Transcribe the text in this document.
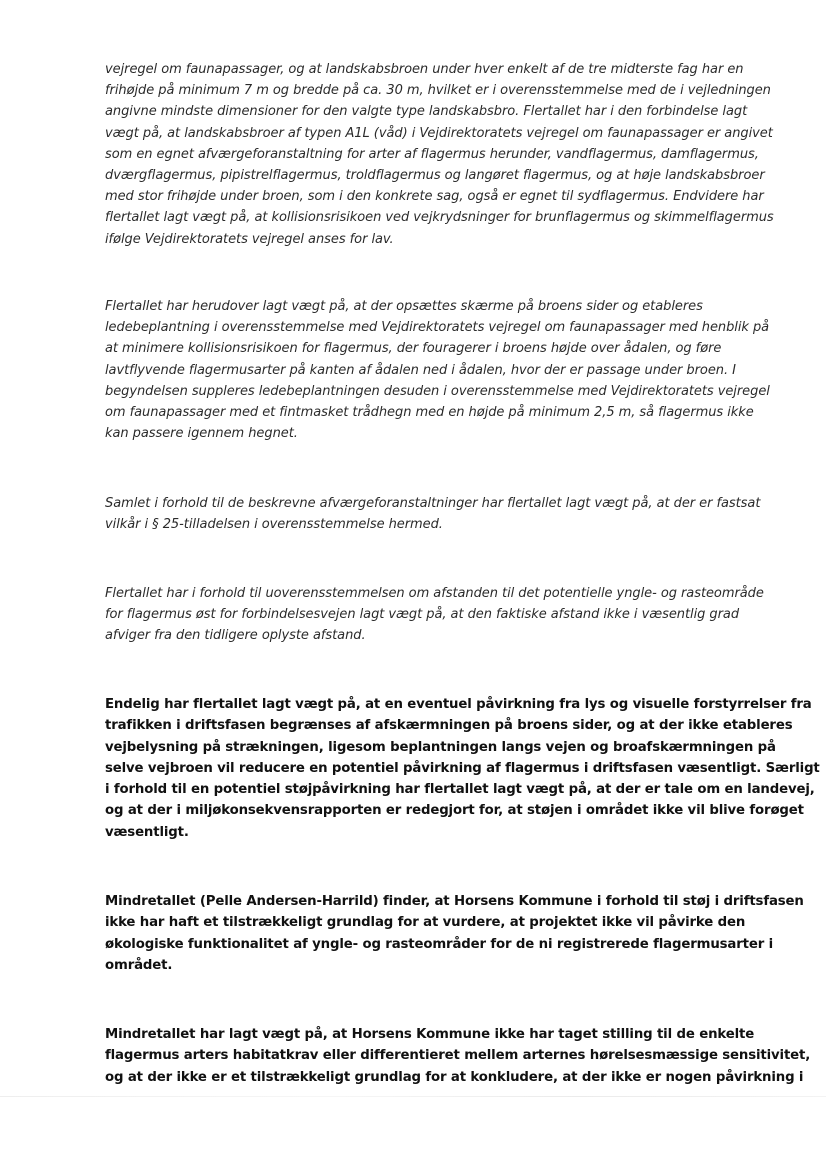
vejregel om faunapassager, og at landskabsbroen under hver enkelt af de tre midterste fag har en
frihøjde på minimum 7 m og bredde på ca. 30 m, hvilket er i overensstemmelse med de i vejledningen
angivne mindste dimensioner for den valgte type landskabsbro. Flertallet har i den forbindelse lagt
vægt på, at landskabsbroer af typen A1L (våd) i Vejdirektoratets vejregel om faunapassager er angivet
som en egnet afværgeforanstaltning for arter af flagermus herunder, vandflagermus, damflagermus,
dværgflagermus, pipistrelflagermus, troldflagermus og langøret flagermus, og at høje landskabsbroer
med stor frihøjde under broen, som i den konkrete sag, også er egnet til sydflagermus. Endvidere har
flertallet lagt vægt på, at kollisionsrisikoen ved vejkrydsninger for brunflagermus og skimmelflagermus
ifølge Vejdirektoratets vejregel anses for lav.

Flertallet har herudover lagt vægt på, at der opsættes skærme på broens sider og etableres
ledebeplantning i overensstemmelse med Vejdirektoratets vejregel om faunapassager med henblik på
at minimere kollisionsrisikoen for flagermus, der fouragerer i broens højde over ådalen, og føre
lavtflyvende flagermusarter på kanten af ådalen ned i ådalen, hvor der er passage under broen. I
begyndelsen suppleres ledebeplantningen desuden i overensstemmelse med Vejdirektoratets vejregel
om faunapassager med et fintmasket trådhegn med en højde på minimum 2,5 m, så flagermus ikke
kan passere igennem hegnet.

Samlet i forhold til de beskrevne afværgeforanstaltninger har flertallet lagt vægt på, at der er fastsat
vilkår i § 25-tilladelsen i overensstemmelse hermed.

Flertallet har i forhold til uoverensstemmelsen om afstanden til det potentielle yngle- og rasteområde
for flagermus øst for forbindelsesvejen lagt vægt på, at den faktiske afstand ikke i væsentlig grad
afviger fra den tidligere oplyste afstand.

Endelig har flertallet lagt vægt på, at en eventuel påvirkning fra lys og visuelle forstyrrelser fra
trafikken i driftsfasen begrænses af afskærmningen på broens sider, og at der ikke etableres
vejbelysning på strækningen, ligesom beplantningen langs vejen og broafskærmningen på
selve vejbroen vil reducere en potentiel påvirkning af flagermus i driftsfasen væsentligt. Særligt
i forhold til en potentiel støjpåvirkning har flertallet lagt vægt på, at der er tale om en landevej,
og at der i miljøkonsekvensrapporten er redegjort for, at støjen i området ikke vil blive forøget
væsentligt.

Mindretallet (Pelle Andersen-Harrild) finder, at Horsens Kommune i forhold til støj i driftsfasen
ikke har haft et tilstrækkeligt grundlag for at vurdere, at projektet ikke vil påvirke den
økologiske funktionalitet af yngle- og rasteområder for de ni registrerede flagermusarter i
området.

Mindretallet har lagt vægt på, at Horsens Kommune ikke har taget stilling til de enkelte
flagermus arters habitatkrav eller differentieret mellem arternes hørelsesmæssige sensitivitet,
og at der ikke er et tilstrækkeligt grundlag for at konkludere, at der ikke er nogen påvirkning i
